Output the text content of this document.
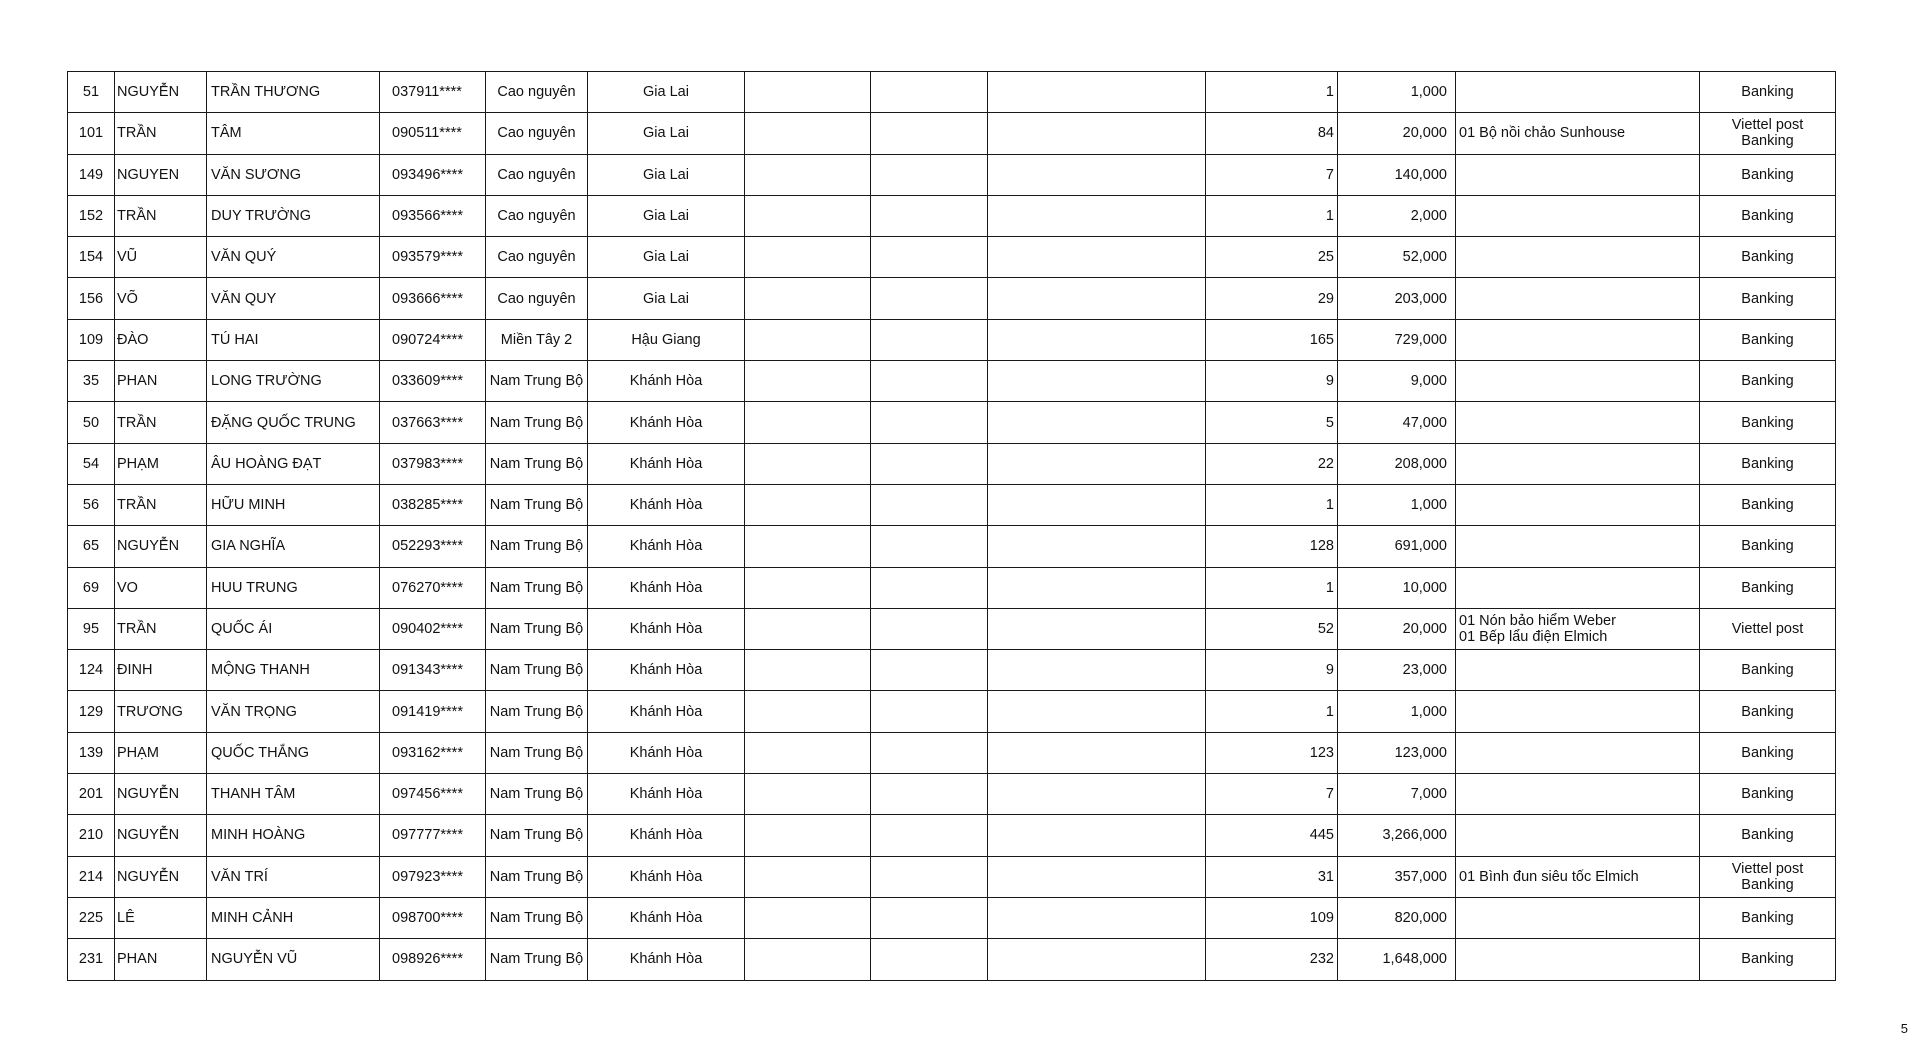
51	NGUYỄN	TRẦN THƯƠNG	037911****	Cao nguyên	Gia Lai				1	1,000		Banking

101	TRẦN	TÂM	090511****	Cao nguyên	Gia Lai				84	20,000	01 Bộ nồi chảo Sunhouse	Viettel post
Banking

149	NGUYEN	VĂN SƯƠNG	093496****	Cao nguyên	Gia Lai				7	140,000		Banking

152	TRẦN	DUY TRƯỜNG	093566****	Cao nguyên	Gia Lai				1	2,000		Banking

154	VŨ	VĂN QUÝ	093579****	Cao nguyên	Gia Lai				25	52,000		Banking

156	VÕ	VĂN QUY	093666****	Cao nguyên	Gia Lai				29	203,000		Banking

109	ĐÀO	TÚ HAI	090724****	Miền Tây 2	Hậu Giang				165	729,000		Banking

35	PHAN	LONG TRƯỜNG	033609****	Nam Trung Bộ	Khánh Hòa				9	9,000		Banking

50	TRẦN	ĐẶNG QUỐC TRUNG	037663****	Nam Trung Bộ	Khánh Hòa				5	47,000		Banking

54	PHẠM	ÂU HOÀNG ĐẠT	037983****	Nam Trung Bộ	Khánh Hòa				22	208,000		Banking

56	TRẦN	HỮU MINH	038285****	Nam Trung Bộ	Khánh Hòa				1	1,000		Banking

65	NGUYỄN	GIA NGHĨA	052293****	Nam Trung Bộ	Khánh Hòa				128	691,000		Banking

69	VO	HUU TRUNG	076270****	Nam Trung Bộ	Khánh Hòa				1	10,000		Banking

95	TRẦN	QUỐC ÁI	090402****	Nam Trung Bộ	Khánh Hòa				52	20,000	01 Nón bảo hiểm Weber
01 Bếp lẩu điện Elmich	Viettel post

124	ĐINH	MỘNG THANH	091343****	Nam Trung Bộ	Khánh Hòa				9	23,000		Banking

129	TRƯƠNG	VĂN TRỌNG	091419****	Nam Trung Bộ	Khánh Hòa				1	1,000		Banking

139	PHẠM	QUỐC THẮNG	093162****	Nam Trung Bộ	Khánh Hòa				123	123,000		Banking

201	NGUYỄN	THANH TÂM	097456****	Nam Trung Bộ	Khánh Hòa				7	7,000		Banking

210	NGUYỄN	MINH HOÀNG	097777****	Nam Trung Bộ	Khánh Hòa				445	3,266,000		Banking

214	NGUYỄN	VĂN TRÍ	097923****	Nam Trung Bộ	Khánh Hòa				31	357,000	01 Bình đun siêu tốc Elmich	Viettel post
Banking

225	LÊ	MINH CẢNH	098700****	Nam Trung Bộ	Khánh Hòa				109	820,000		Banking

231	PHAN	NGUYỄN VŨ	098926****	Nam Trung Bộ	Khánh Hòa				232	1,648,000		Banking
5
